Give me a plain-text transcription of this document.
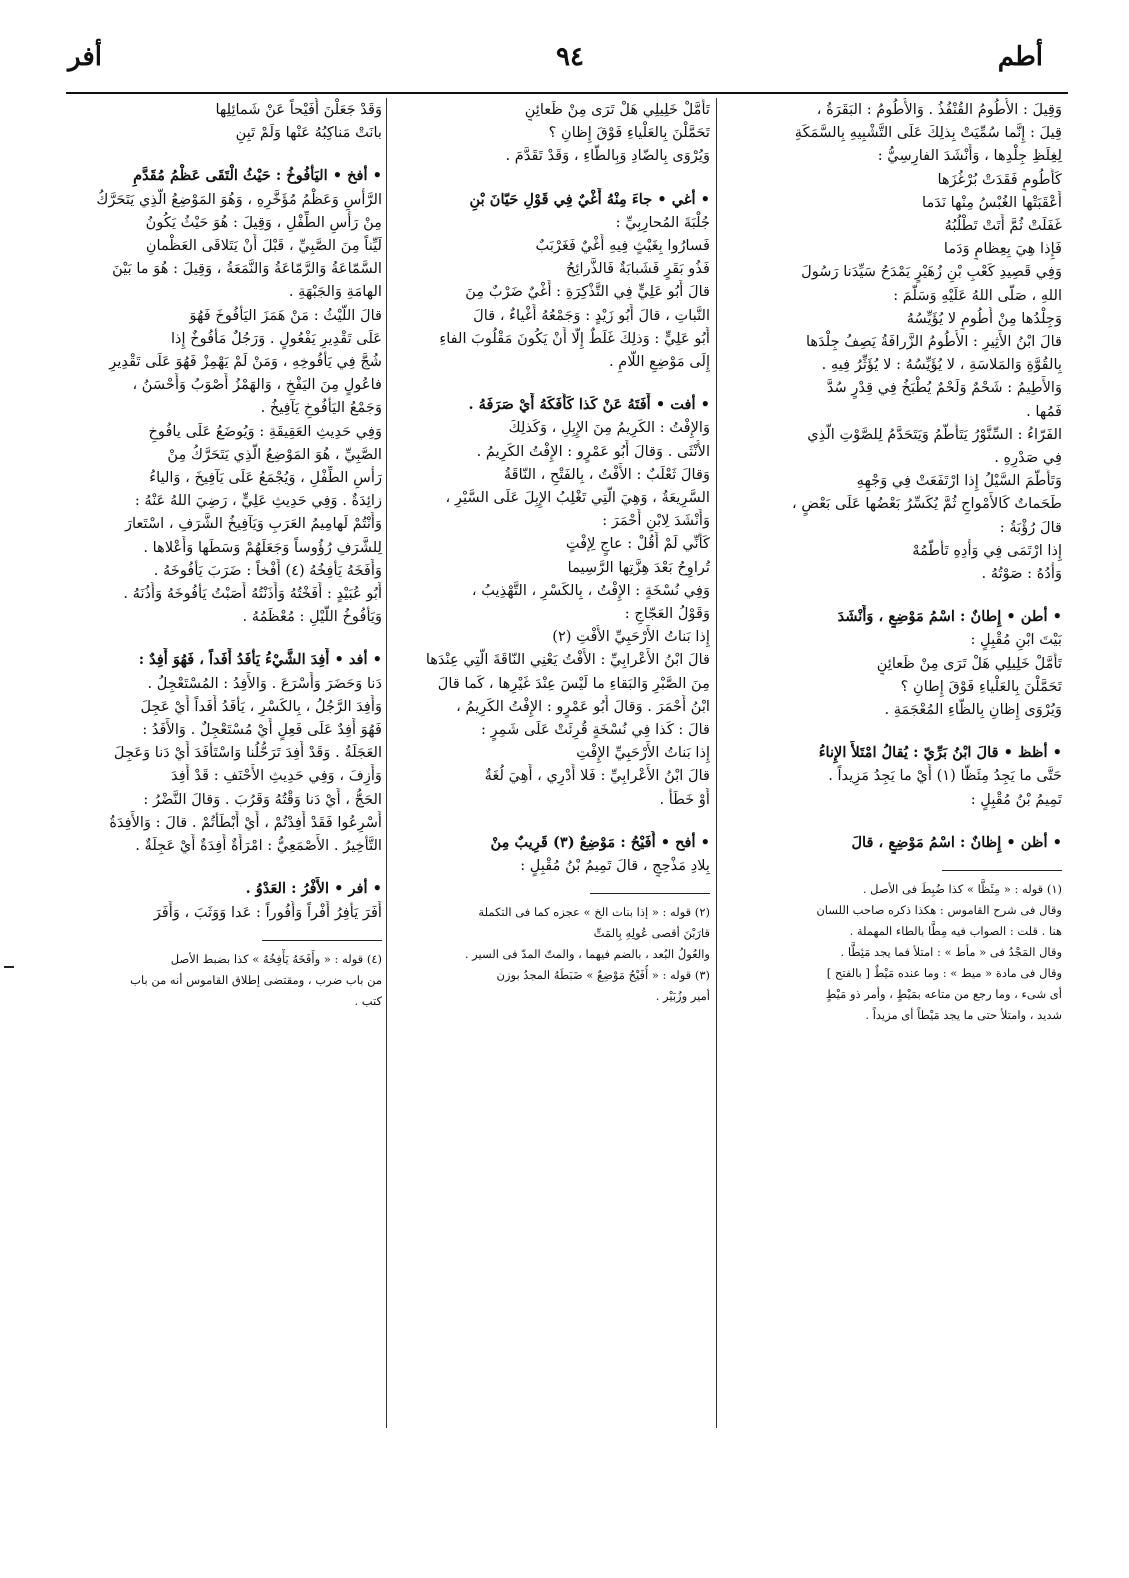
أطم
٩٤
أفر
وَقِيلَ : الأُطُومُ القُنْفُذُ . وَالأُطُومُ : البَقَرَةُ ،
قِيلَ : إِنَّما سُمِّيَتْ بِذلِكَ عَلَى التَّشْبِيهِ بِالسَّمَكَةِ
لِغِلَظِ جِلْدِها ، وَأَنْشَدَ الفارِسِيُّ :
كَأُطُومٍ فَقَدَتْ بُرْغُزَها
أَعْقَبَتْها الغُبْسُ مِنْها نَدَما
غَفَلَتْ ثُمَّ أَتَتْ تَطْلُبُهُ
فَإِذا هِيَ بِعِظامٍ وَدَما
وَفِي قَصِيدِ كَعْبِ بْنِ زُهَيْرٍ يَمْدَحُ سَيِّدَنا رَسُولَ
اللهِ ، صَلَّى اللهُ عَلَيْهِ وَسَلَّمَ :
وَجِلْدُها مِنْ أُطُومٍ لا يُؤَيِّسُهُ
قالَ ابْنُ الأَثِيرِ : الأُطُومُ الزَّرافَةُ يَصِفُ جِلْدَها
بِالقُوَّةِ وَالمَلاسَةِ ، لا يُؤَيِّسُهُ : لا يُؤَثِّرُ فِيهِ .
وَالأَطِيمُ : شَحْمٌ وَلَحْمٌ يُطْبَخُ فِي قِدْرٍ سُدَّ
فَمُها .
الفَرّاءُ : السِّنَّوْرُ يَتَأَطَّمُ وَيَتَحَدَّمُ لِلصَّوْتِ الَّذِي
فِي صَدْرِهِ .
وَتَأَطَّمَ السَّيْلُ إِذا ارْتَفَعَتْ فِي وَجْهِهِ
طَحَماتٌ كَالأَمْواجِ ثُمَّ يُكَسِّرُ بَعْضُها عَلَى بَعْضٍ ،
قالَ رُؤْبَةُ :
إِذا ارْتَمَى فِي وَأْدِهِ تَأَطُّمُهْ
وَأْدُهُ : صَوْتُهُ .
• أطن • إِطانٌ : اسْمُ مَوْضِعٍ ، وَأَنْشَدَ
بَيْتَ ابْنِ مُقْبِلٍ :
تَأَمَّلْ خَلِيلِي هَلْ تَرَى مِنْ ظَعائِنٍ
تَحَمَّلْنَ بِالعَلْياءِ فَوْقَ إِطانِ ؟
وَيُرْوَى إِظانِ بِالظّاءِ المُعْجَمَةِ .
• أظظ • قالَ ابْنُ بَرِّيّ : يُقالُ امْتَلأَ الإِناءُ
حَتَّى ما يَجِدُ مِئَظًّا (١) أَيْ ما يَجِدُ مَزِيداً .
تَمِيمُ بْنُ مُقْبِلٍ :
• أظن • إِظانٌ : اسْمُ مَوْضِعٍ ، قالَ
(١) قوله : « مِئَظًّا » كذا ضُبِطَ فى الأصل .
وقال فى شرح القاموس : هكذا ذكره صاحب اللسان
هنا . قلت : الصواب فيه مِطًّا بالطاء المهملة .
وقال المَجْدُ فى « مأط » : امتلأ فما يجد مَئِطًّا .
وقال فى مادة « ميط » : وما عنده مَيْطٌ [ بالفتح ]
أى شىء ، وما رجع من متاعه بمَيْطٍ ، وأمر ذو مَيْطٍ
شديد ، وامتلأ حتى ما يجد مَيْطاً أى مزيداً .
تَأَمَّلْ خَلِيلِي هَلْ تَرَى مِنْ ظَعائِنٍ
تَحَمَّلْنَ بِالعَلْياءِ فَوْقَ إِظانِ ؟
وَيُرْوَى بِالضّادِ وَبِالطّاءِ ، وَقَدْ تَقَدَّمَ .
• أغي • جاءَ مِنْهُ أَغْيٌ فِي قَوْلِ حَيّانَ بْنِ
جُلْبَةَ المُحارِبِيِّ :
فَسارُوا بِغَيْثٍ فِيهِ أَغْيٌ فَغَرْبَبٌ
فَذُو بَقَرٍ فَشَبابَةٌ فَالذَّرائِحُ
قالَ أَبُو عَلِيٍّ فِي التَّذْكِرَةِ : أَغْيٌ ضَرْبٌ مِنَ
النَّباتِ ، قالَ أَبُو زَيْدٍ : وَجَمْعُهُ أَغْياءٌ ، قالَ
أَبُو عَلِيٍّ : وَذلِكَ غَلَطٌ إِلّا أَنْ يَكُونَ مَقْلُوبَ الفاءِ
إِلَى مَوْضِعِ اللّامِ .
• أفت • أَفَتَهُ عَنْ كَذا كَأَفَكَهُ أَيْ صَرَفَهُ .
وَالإِفْتُ : الكَرِيمُ مِنَ الإِبِلِ ، وَكَذلِكَ
الأُنْثَى . وَقالَ أَبُو عَمْرٍو : الإِفْتُ الكَرِيمُ .
وَقالَ ثَعْلَبٌ : الأَفْتُ ، بِالفَتْحِ ، النّاقَةُ
السَّرِيعَةُ ، وَهِيَ الَّتِي تَغْلِبُ الإِبِلَ عَلَى السَّيْرِ ،
وَأَنْشَدَ لِابْنِ أَحْمَرَ :
كَأَنِّي لَمْ أَقُلْ : عاجٍ لِإفْتٍ
تُراوِحُ بَعْدَ هِزَّتِها الرَّسِيما
وَفِي نُسْخَةٍ : الإِفْتُ ، بِالكَسْرِ ، التَّهْذِيبُ ،
وَقَوْلُ العَجّاجِ :
إِذا بَناتُ الأَرْحَبِيِّ الأُفْتِ (٢)
قالَ ابْنُ الأَعْرابِيِّ : الأُفْتُ يَعْنِي النّاقَةَ الَّتِي عِنْدَها
مِنَ الصَّبْرِ وَالبَقاءِ ما لَيْسَ عِنْدَ غَيْرِها ، كَما قالَ
ابْنُ أَحْمَرَ . وَقالَ أَبُو عَمْرٍو : الإِفْتُ الكَرِيمُ ،
قالَ : كَذا فِي نُسْخَةٍ قُرِئَتْ عَلَى شَمِرٍ :
إِذا بَناتُ الأَرْحَبِيِّ الإِفْتِ
قالَ ابْنُ الأَعْرابِيِّ : فَلا أَدْرِي ، أَهِيَ لُغَةٌ
أَوْ خَطَأٌ .
• أفح • أُفَيْحُ : مَوْضِعٌ (٣) قَرِيبٌ مِنْ
بِلادِ مَذْحِجٍ ، قالَ تَمِيمُ بْنُ مُقْبِلٍ :
(٢) قوله : « إذا بنات الخ » عجزه كما فى التكملة
قارَبْنَ أقصى عُولِهِ بِالمَتِّ
والعُولُ البُعد ، بالضم فيهما ، والمتّ المدّ فى السير .
(٣) قوله : « أُفَيْحُ مَوْضِعٌ » ضَبَطَهُ المجدُ بوزن
أمير وزُبَيْر .
وَقَدْ جَعَلْنَ أُفَيْحاً عَنْ شَمائِلِها
بانَتْ مَناكِبُهُ عَنْها وَلَمْ تَبِنِ
• أفخ • اليَأْفُوخُ : حَيْثُ الْتَقَى عَظْمُ مُقَدَّمِ
الرَّأْسِ وَعَظْمُ مُؤَخَّرِهِ ، وَهُوَ المَوْضِعُ الَّذِي يَتَحَرَّكُ
مِنْ رَأْسِ الطِّفْلِ ، وَقِيلَ : هُوَ حَيْثُ يَكُونُ
لَيِّناً مِنَ الصَّبِيِّ ، قَبْلَ أَنْ يَتَلاقَى العَظْمانِ
السَّمّاعَةُ وَالرَّمّاعَةُ وَالنَّمَعَةُ ، وَقِيلَ : هُوَ ما بَيْنَ
الهامَةِ وَالجَبْهَةِ .
قالَ اللَّيْثُ : مَنْ هَمَزَ اليَأْفُوخَ فَهُوَ
عَلَى تَقْدِيرِ يَفْعُولٍ . وَرَجُلٌ مَأْفُوخٌ إِذا
شُجَّ فِي يَأْفُوخِهِ ، وَمَنْ لَمْ يَهْمِزْ فَهُوَ عَلَى تَقْدِيرِ
فاعُولٍ مِنَ اليَفْخِ ، وَالهَمْزُ أَصْوَبُ وَأَحْسَنُ ،
وَجَمْعُ اليَأْفُوخِ يَآفِيخُ .
وَفِي حَدِيثِ العَقِيقَةِ : وَيُوضَعُ عَلَى يافُوخِ
الصَّبِيِّ ، هُوَ المَوْضِعُ الَّذِي يَتَحَرَّكُ مِنْ
رَأْسِ الطِّفْلِ ، وَيُجْمَعُ عَلَى يَآفِيخَ ، وَالياءُ
زائِدَةٌ . وَفِي حَدِيثِ عَلِيٍّ ، رَضِيَ اللهُ عَنْهُ :
وَأَنْتُمْ لَهامِيمُ العَرَبِ وَيَآفِيخُ الشَّرَفِ ، اسْتَعارَ
لِلشَّرَفِ رُؤُوساً وَجَعَلَهُمْ وَسَطَها وَأَعْلاها .
وَأَفَخَهُ يَأْفِخُهُ (٤) أَفْخاً : ضَرَبَ يَأْفُوخَهُ .
أَبُو عُبَيْدٍ : أَفَخْتُهُ وَأَذَنْتُهُ أَصَبْتُ يَأْفُوخَهُ وَأُذُنَهُ .
وَيَأْفُوخُ اللَّيْلِ : مُعْظَمُهُ .
• أفد • أَفِدَ الشَّيْءُ يَأْفَدُ أَفَداً ، فَهُوَ أَفِدٌ :
دَنا وَحَضَرَ وَأَسْرَعَ . وَالأَفِدُ : المُسْتَعْجِلُ .
وَأَفِدَ الرَّجُلُ ، بِالكَسْرِ ، يَأْفَدُ أَفَداً أَيْ عَجِلَ
فَهُوَ أَفِدٌ عَلَى فَعِلٍ أَيْ مُسْتَعْجِلٌ . وَالأَفَدُ :
العَجَلَةُ . وَقَدْ أَفِدَ تَرَحُّلُنا وَاسْتَأْفَدَ أَيْ دَنا وَعَجِلَ
وَأَزِفَ ، وَفِي حَدِيثِ الأَحْنَفِ : قَدْ أَفِدَ
الحَجُّ ، أَيْ دَنا وَقْتُهُ وَقَرُبَ . وَقالَ النَّضْرُ :
أَسْرِعُوا فَقَدْ أَفِدْتُمْ ، أَيْ أَبْطَأْتُمْ . قالَ : وَالأَفِدَةُ
التَّأْخِيرُ . الأَصْمَعِيُّ : امْرَأَةٌ أَفِدَةٌ أَيْ عَجِلَةٌ .
• أفر • الأَفْرُ : العَدْوُ .
أَفَرَ يَأْفِرُ أَفْراً وَأُفُوراً : عَدا وَوَثَبَ ، وَأَفَرَ
(٤) قوله : « وأَفَخَهُ يَأْفِخُهُ » كذا بضبط الأصل
من باب ضرب ، ومقتضى إطلاق القاموس أنه من باب
كتب .
